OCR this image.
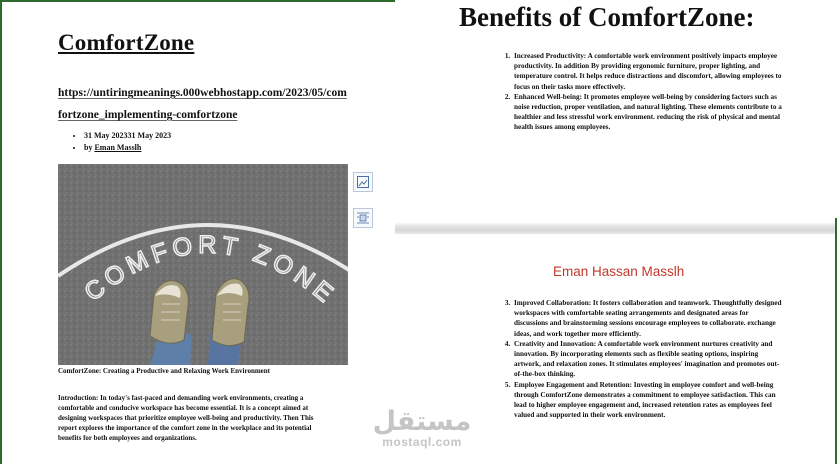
ComfortZone
https://untiringmeanings.000webhostapp.com/2023/05/comfortzone_implementing-comfortzone
• 31 May 202331 May 2023
• by Eman Masslh
COMFORT ZONE
ComfortZone: Creating a Productive and Relaxing Work Environment

Introduction: In today's fast-paced and demanding work environments, creating a comfortable and conducive workspace has become essential. It is a concept aimed at designing workspaces that prioritize employee well-being and productivity. Then This report explores the importance of the comfort zone in the workplace and its potential benefits for both employees and organizations.

Benefits of ComfortZone:
1. Increased Productivity: A comfortable work environment positively impacts employee productivity. In addition By providing ergonomic furniture, proper lighting, and temperature control. It helps reduce distractions and discomfort, allowing employees to focus on their tasks more effectively.
2. Enhanced Well-being: It promotes employee well-being by considering factors such as noise reduction, proper ventilation, and natural lighting. These elements contribute to a healthier and less stressful work environment. reducing the risk of physical and mental health issues among employees.
Eman Hassan Masslh
3. Improved Collaboration: It fosters collaboration and teamwork. Thoughtfully designed workspaces with comfortable seating arrangements and designated areas for discussions and brainstorming sessions encourage employees to collaborate. exchange ideas, and work together more efficiently.
4. Creativity and Innovation: A comfortable work environment nurtures creativity and innovation. By incorporating elements such as flexible seating options, inspiring artwork, and relaxation zones. It stimulates employees' imagination and promotes out-of-the-box thinking.
5. Employee Engagement and Retention: Investing in employee comfort and well-being through ComfortZone demonstrates a commitment to employee satisfaction. This can lead to higher employee engagement and, increased retention rates as employees feel valued and supported in their work environment.
مستقل
mostaql.com
